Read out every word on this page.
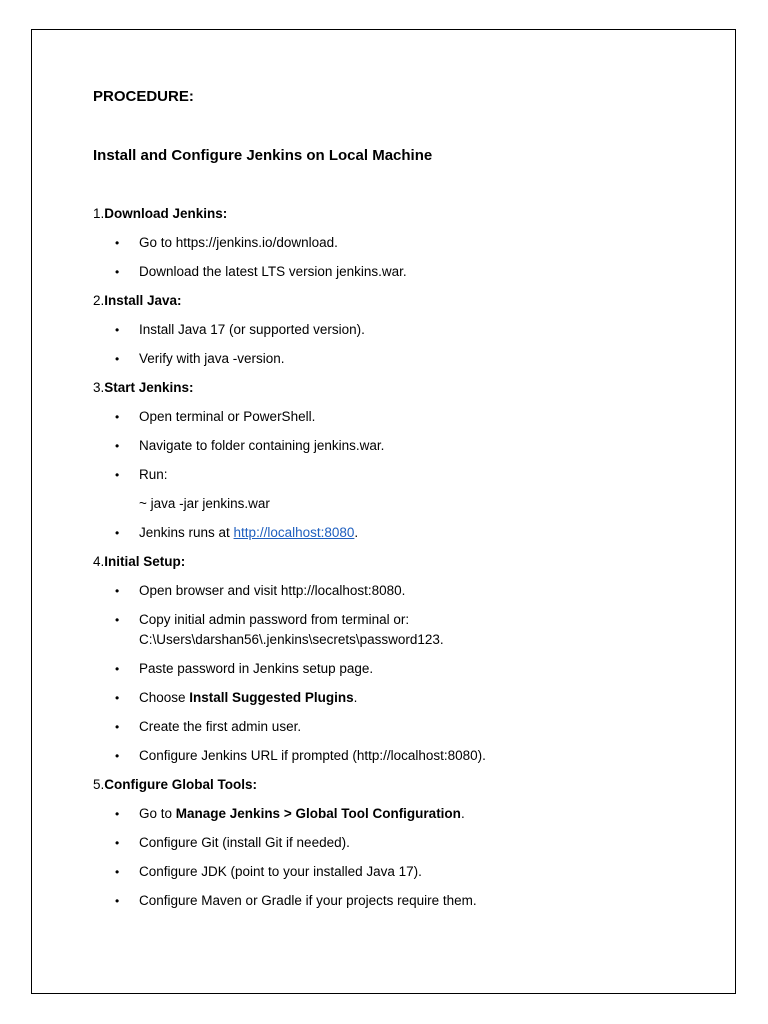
PROCEDURE:

Install and Configure Jenkins on Local Machine

1.Download Jenkins:

• Go to https://jenkins.io/download.
• Download the latest LTS version jenkins.war.

2.Install Java:

• Install Java 17 (or supported version).
• Verify with java -version.

3.Start Jenkins:

• Open terminal or PowerShell.
• Navigate to folder containing jenkins.war.
• Run:
~ java -jar jenkins.war
• Jenkins runs at http://localhost:8080.

4.Initial Setup:

• Open browser and visit http://localhost:8080.
• Copy initial admin password from terminal or:
C:\Users\darshan56\.jenkins\secrets\password123.
• Paste password in Jenkins setup page.
• Choose Install Suggested Plugins.
• Create the first admin user.
• Configure Jenkins URL if prompted (http://localhost:8080).

5.Configure Global Tools:

• Go to Manage Jenkins > Global Tool Configuration.
• Configure Git (install Git if needed).
• Configure JDK (point to your installed Java 17).
• Configure Maven or Gradle if your projects require them.
